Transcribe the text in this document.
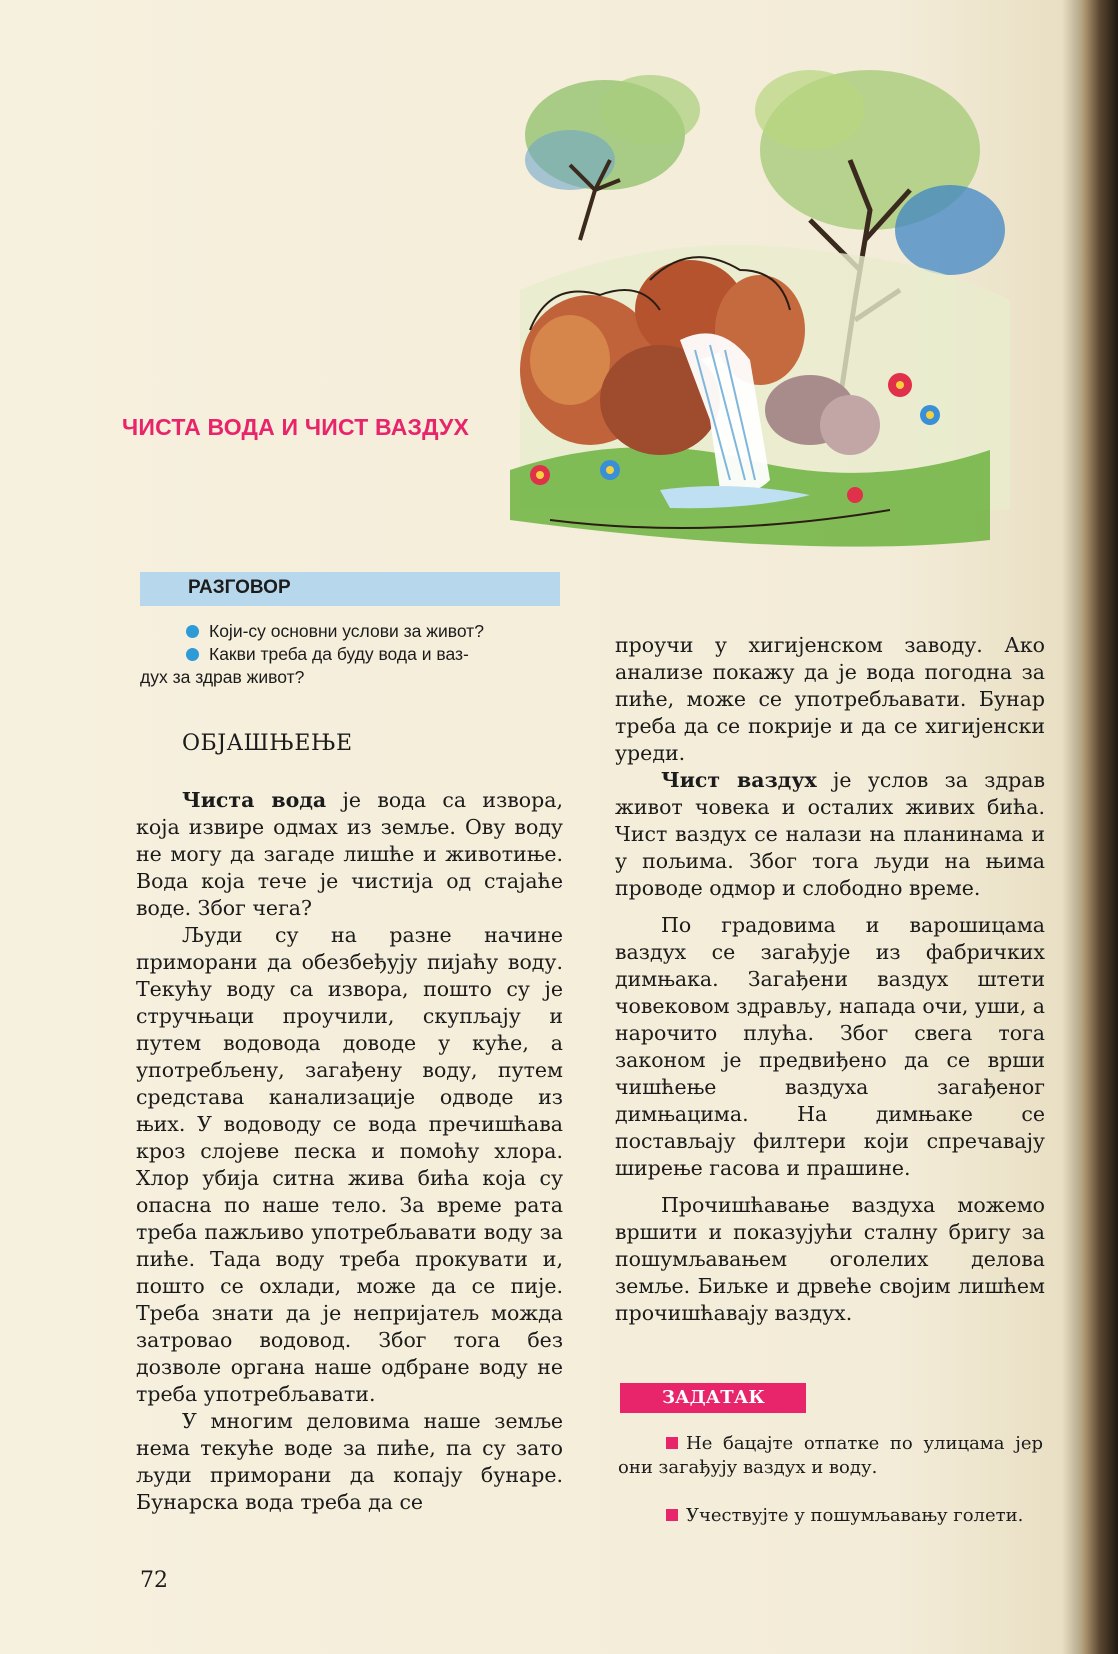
ЧИСТА ВОДА И ЧИСТ ВАЗДУХ
РАЗГОВОР
Који-су основни услови за живот?
Какви треба да буду вода и ваз-
дух за здрав живот?
ОБЈАШЊЕЊЕ

Чиста вода је вода са извора, која извире одмах из земље. Ову воду не могу да загаде лишће и животиње. Вода која тече је чистија од стајаће воде. Због чега?

Људи су на разне начине приморани да обезбеђују пијаћу воду. Текућу воду са извора, пошто су је стручњаци проучили, скупљају и путем водовода доводе у куће, а употребљену, загађену воду, путем средстава канализације одводе из њих. У водоводу се вода пречишћава кроз слојеве песка и помоћу хлора. Хлор убија ситна жива бића која су опасна по наше тело. За време рата треба пажљиво употребљавати воду за пиће. Тада воду треба прокувати и, пошто се охлади, може да се пије. Треба знати да је непријатељ можда затровао водовод. Због тога без дозволе органа наше одбране воду не треба употребљавати.

У многим деловима наше земље нема текуће воде за пиће, па су зато људи приморани да копају бунаре. Бунарска вода треба да се

проучи у хигијенском заводу. Ако анализе покажу да је вода погодна за пиће, може се употребљавати. Бунар треба да се покрије и да се хигијенски уреди.

Чист ваздух је услов за здрав живот човека и осталих живих бића. Чист ваздух се налази на планинама и у пољима. Због тога људи на њима проводе одмор и слободно време.

По градовима и варошицама ваздух се загађује из фабричких димњака. Загађени ваздух штети човековом здрављу, напада очи, уши, а нарочито плућа. Због свега тога законом је предвиђено да се врши чишћење ваздуха загађеног димњацима. На димњаке се постављају филтери који спречавају ширење гасова и прашине.

Прочишћавање ваздуха можемо вршити и показујући сталну бригу за пошумљавањем оголелих делова земље. Биљке и дрвеће својим лишћем прочишћавају ваздух.

ЗАДАТАК

Не бацајте отпатке по улицама јер они загађују ваздух и воду.

Учествујте у пошумљавању голети.

72
